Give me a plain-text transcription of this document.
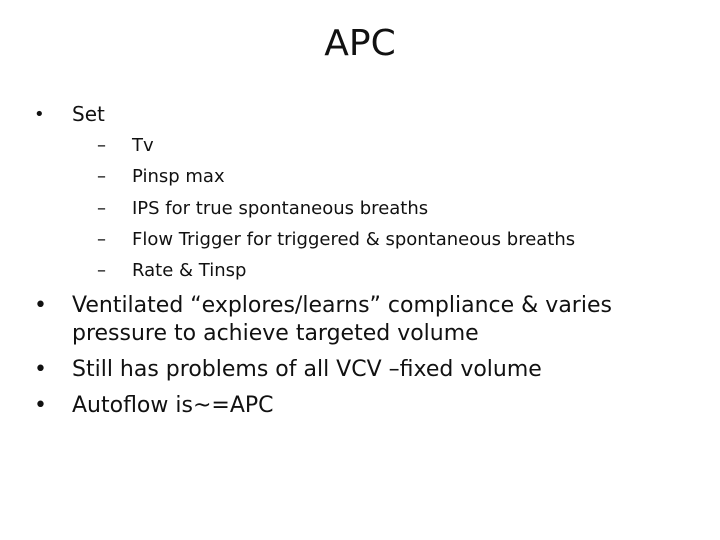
APC
• Set
– Tv
– Pinsp max
– IPS for true spontaneous breaths
– Flow Trigger for triggered & spontaneous breaths
– Rate & Tinsp
• Ventilated “explores/learns” compliance & varies
pressure to achieve targeted volume
• Still has problems of all VCV –fixed volume
• Autoflow is~=APC
